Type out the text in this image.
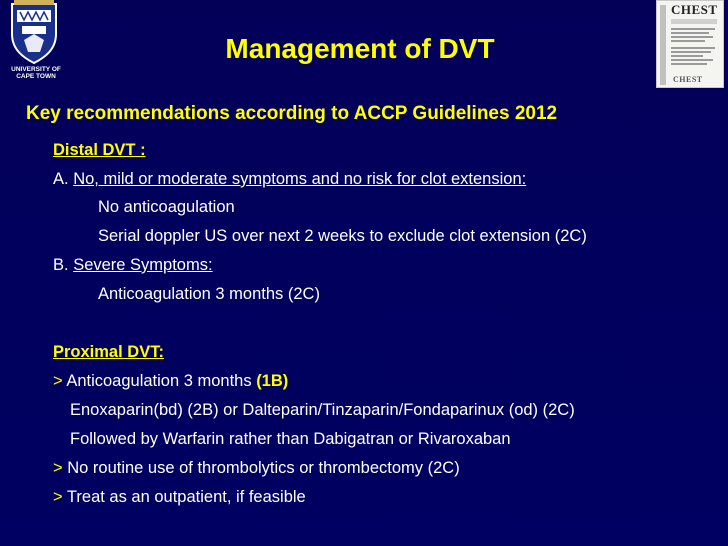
UNIVERSITY OF
CAPE TOWN
CHEST
CHEST
Management of DVT
Key recommendations according to ACCP Guidelines 2012
Distal DVT :
A. No, mild or moderate symptoms and no risk for clot extension:
No anticoagulation
Serial doppler US over next 2 weeks to exclude clot extension (2C)
B. Severe Symptoms:
Anticoagulation 3 months (2C)
Proximal DVT:
> Anticoagulation 3 months (1B)
Enoxaparin(bd) (2B) or Dalteparin/Tinzaparin/Fondaparinux (od) (2C)
Followed by Warfarin rather than Dabigatran or Rivaroxaban
> No routine use of thrombolytics or thrombectomy (2C)
> Treat as an outpatient, if feasible
